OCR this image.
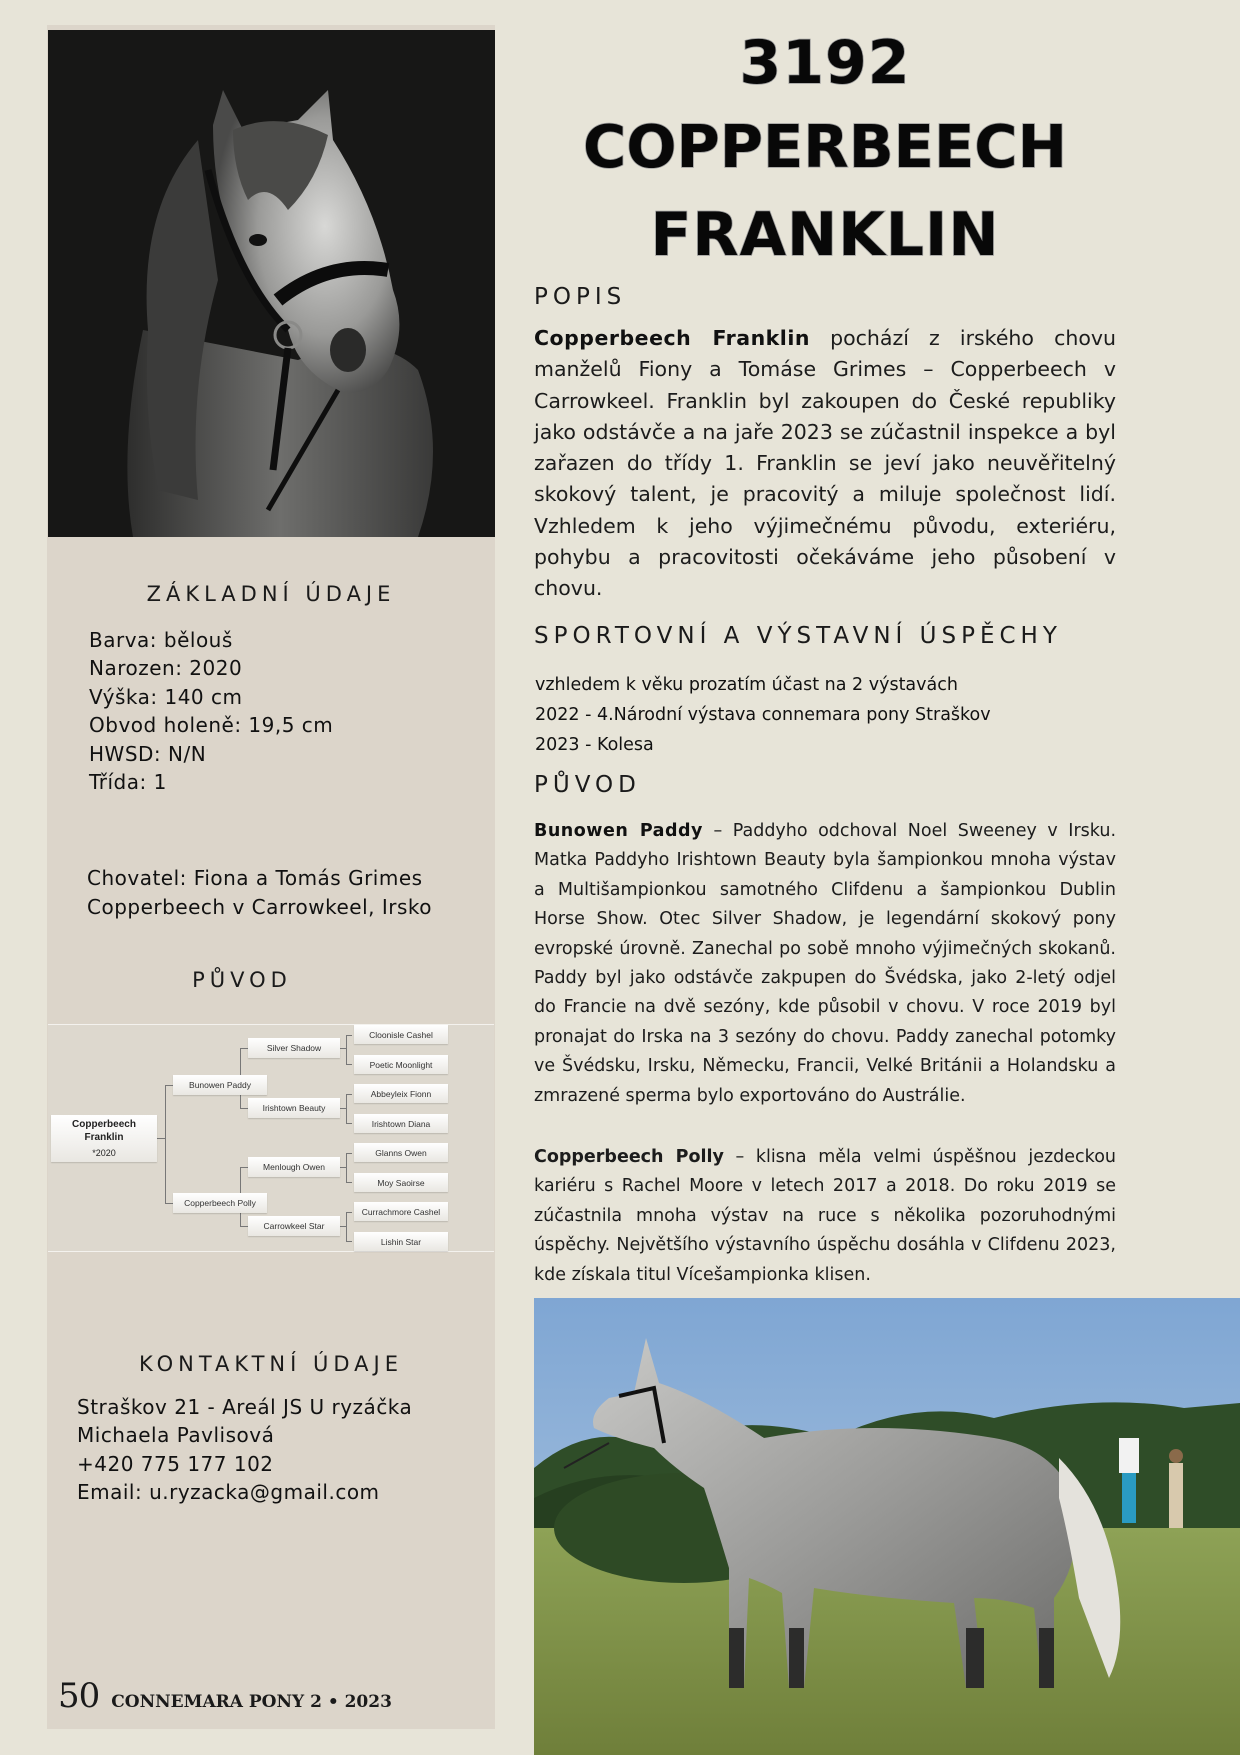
ZÁKLADNÍ ÚDAJE
Barva: bělouš
Narozen: 2020
Výška: 140 cm
Obvod holeně: 19,5 cm
HWSD: N/N
Třída: 1
Chovatel: Fiona a Tomás Grimes
Copperbeech v Carrowkeel, Irsko
PŮVOD
Copperbeech
Franklin
*2020
Bunowen Paddy
Copperbeech Polly
Silver Shadow
Irishtown Beauty
Menlough Owen
Carrowkeel Star
Cloonisle Cashel
Poetic Moonlight
Abbeyleix Fionn
Irishtown Diana
Glanns Owen
Moy Saoirse
Currachmore Cashel
Lishin Star
KONTAKTNÍ ÚDAJE
Straškov 21 - Areál JS U ryzáčka
Michaela Pavlisová
+420 775 177 102
Email: u.ryzacka@gmail.com
50 CONNEMARA PONY 2 • 2023
3192
COPPERBEECH
FRANKLIN
POPIS
Copperbeech Franklin pochází z irského chovu manželů Fiony a Tomáse Grimes – Copperbeech v Carrowkeel. Franklin byl zakoupen do České republiky jako odstávče a na jaře 2023 se zúčastnil inspekce a byl zařazen do třídy 1. Franklin se jeví jako neuvěřitelný skokový talent, je pracovitý a miluje společnost lidí. Vzhledem k jeho výjimečnému původu, exteriéru, pohybu a pracovitosti očekáváme jeho působení v chovu.
SPORTOVNÍ A VÝSTAVNÍ ÚSPĚCHY
vzhledem k věku prozatím účast na 2 výstavách
2022 - 4.Národní výstava connemara pony Straškov
2023 - Kolesa
PŮVOD
Bunowen Paddy – Paddyho odchoval Noel Sweeney v Irsku. Matka Paddyho Irishtown Beauty byla šampionkou mnoha výstav a Multišampionkou samotného Clifdenu a šampionkou Dublin Horse Show. Otec Silver Shadow, je legendární skokový pony evropské úrovně. Zanechal po sobě mnoho výjimečných skokanů. Paddy byl jako odstávče zakpupen do Švédska, jako 2-letý odjel do Francie na dvě sezóny, kde působil v chovu. V roce 2019 byl pronajat do Irska na 3 sezóny do chovu. Paddy zanechal potomky ve Švédsku, Irsku, Německu, Francii, Velké Británii a Holandsku a zmrazené sperma bylo exportováno do Austrálie.
Copperbeech Polly – klisna měla velmi úspěšnou jezdeckou kariéru s Rachel Moore v letech 2017 a 2018. Do roku 2019 se zúčastnila mnoha výstav na ruce s několika pozoruhodnými úspěchy. Největšího výstavního úspěchu dosáhla v Clifdenu 2023, kde získala titul Vícešampionka klisen.
